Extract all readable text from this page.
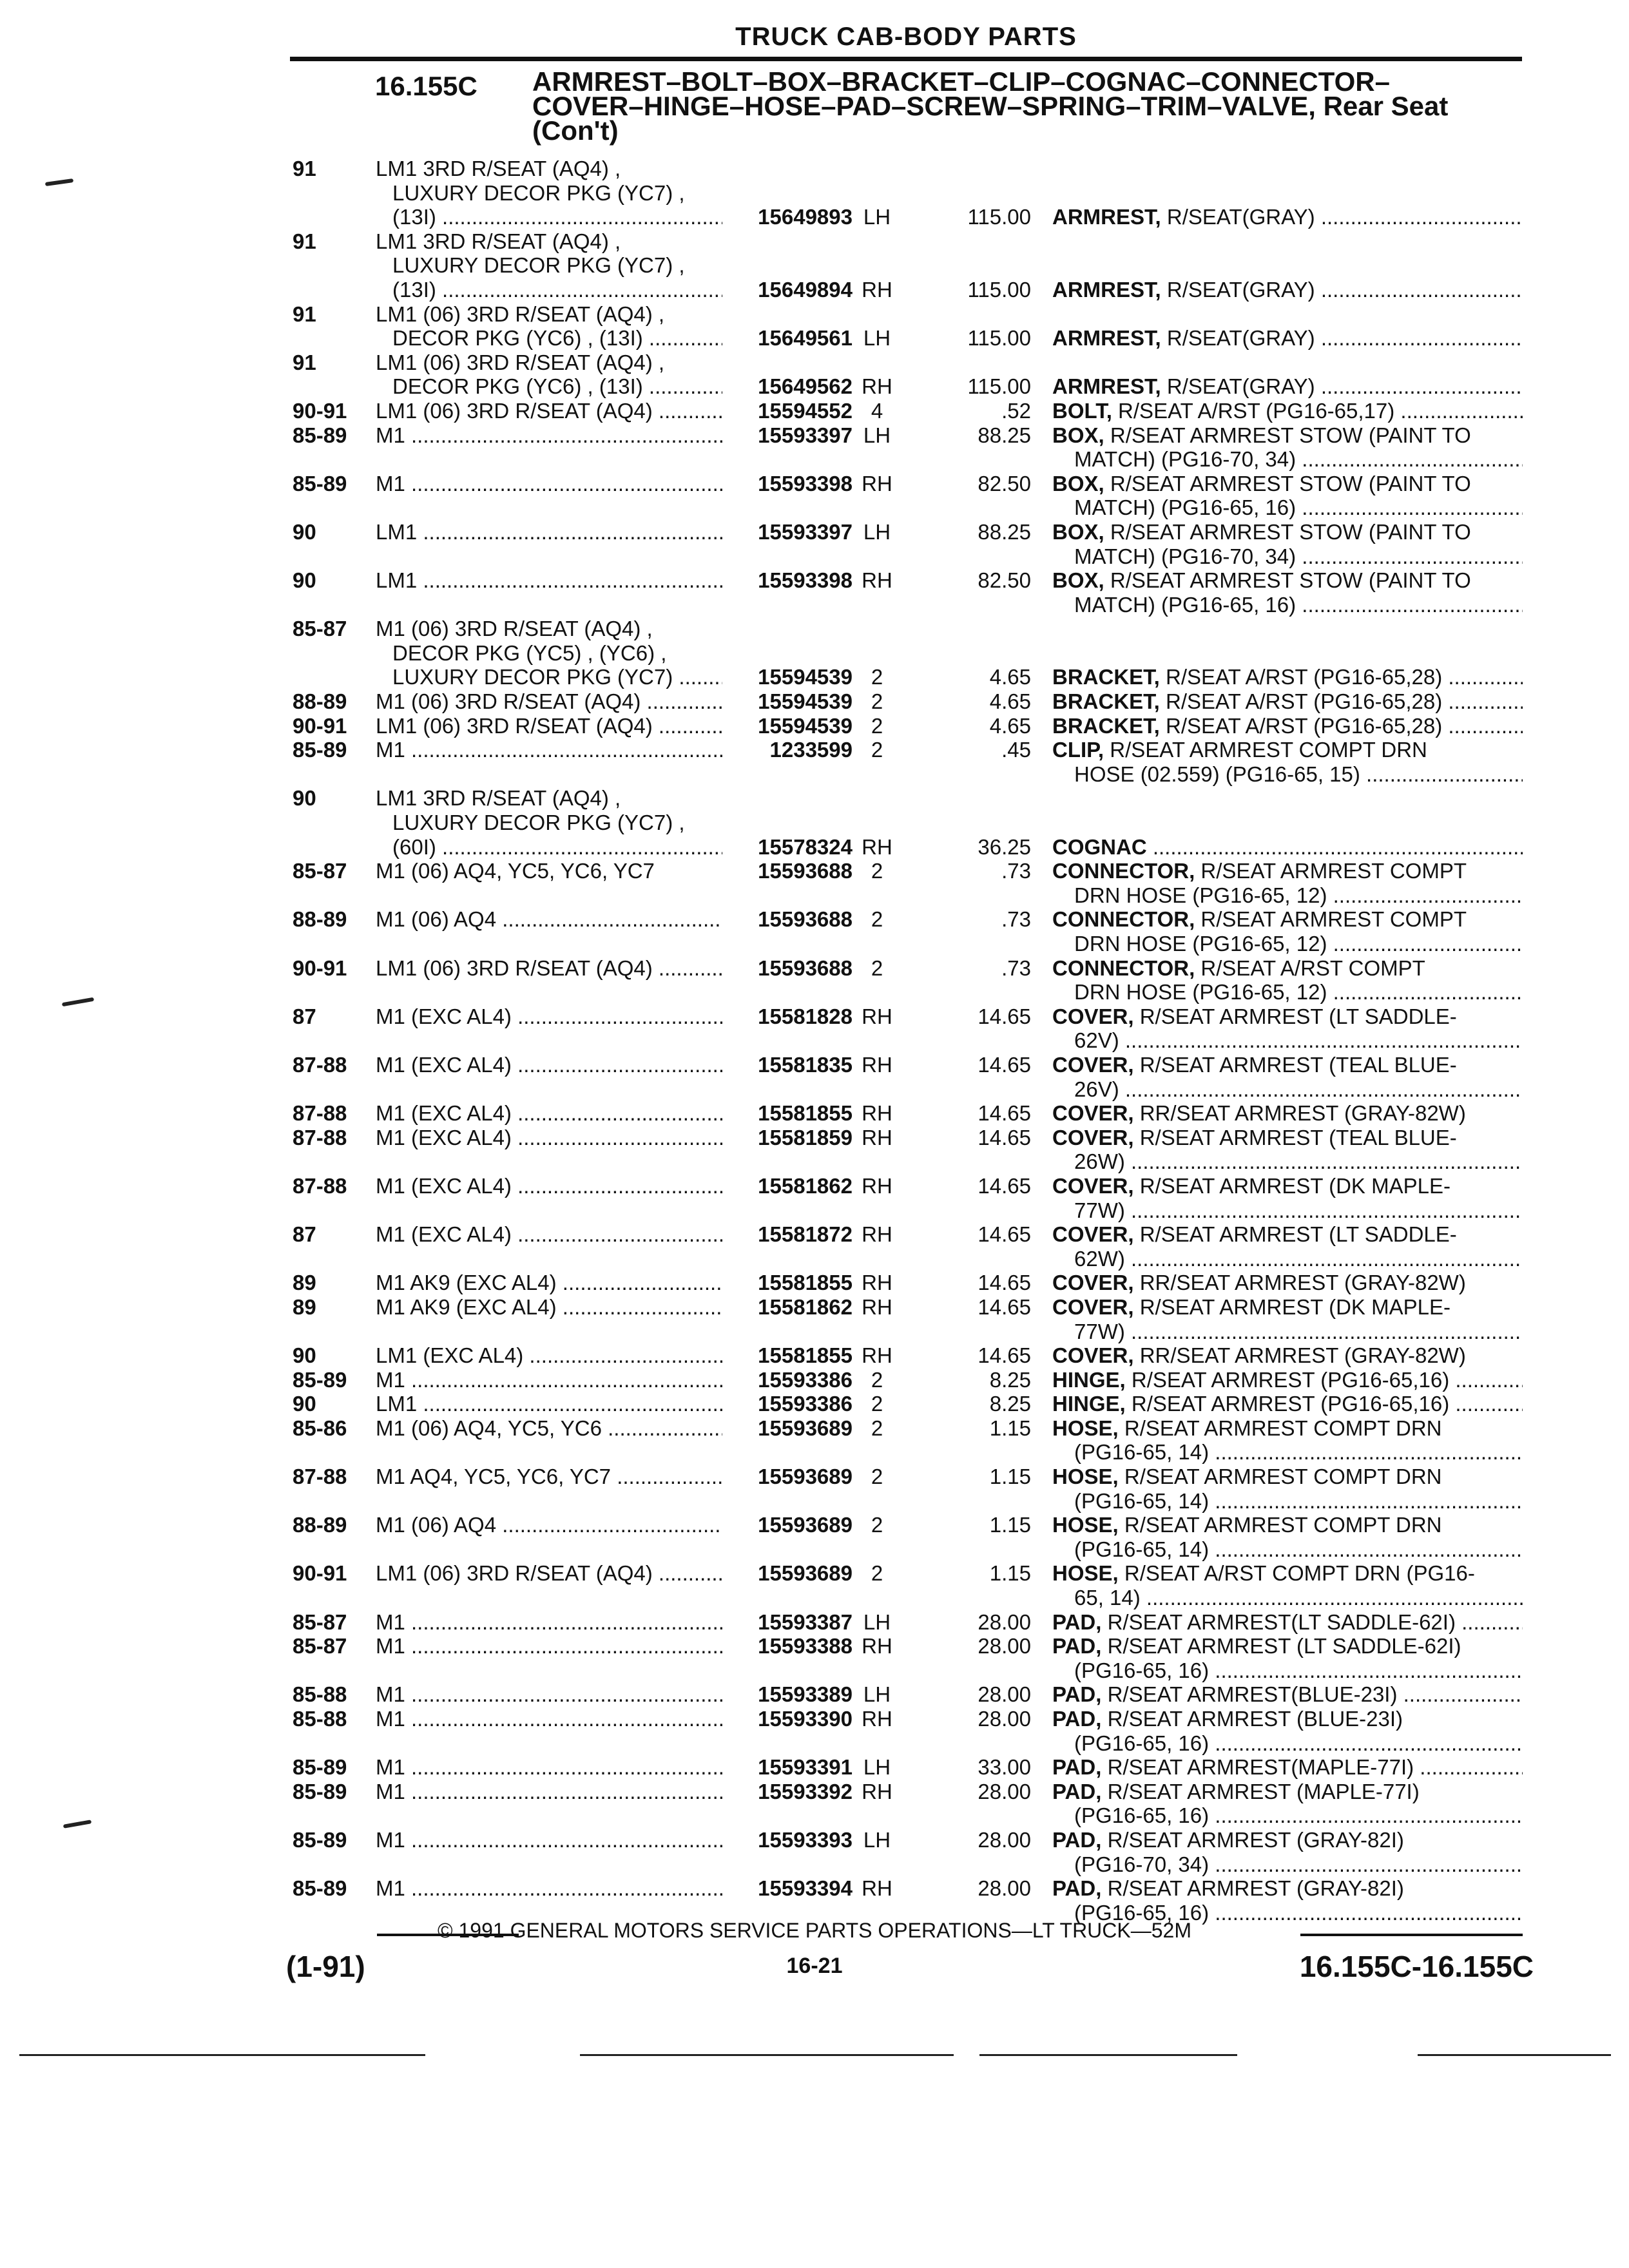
TRUCK CAB-BODY PARTS
16.155C ARMREST–BOLT–BOX–BRACKET–CLIP–COGNAC–CONNECTOR–
COVER–HINGE–HOSE–PAD–SCREW–SPRING–TRIM–VALVE, Rear Seat
(Con't)
91	LM1 3RD R/SEAT (AQ4) ,
LUXURY DECOR PKG (YC7) ,
(13I) .....	15649893 LH	115.00 ARMREST, R/SEAT(GRAY) .....
91	LM1 3RD R/SEAT (AQ4) ,
LUXURY DECOR PKG (YC7) ,
(13I) .....	15649894 RH	115.00 ARMREST, R/SEAT(GRAY) .....
91	LM1 (06) 3RD R/SEAT (AQ4) ,
DECOR PKG (YC6) , (13I) .....	15649561 LH	115.00 ARMREST, R/SEAT(GRAY) .....
91	LM1 (06) 3RD R/SEAT (AQ4) ,
DECOR PKG (YC6) , (13I) .....	15649562 RH	115.00 ARMREST, R/SEAT(GRAY) .....
90-91 LM1 (06) 3RD R/SEAT (AQ4) .....	15594552 4	.52 BOLT, R/SEAT A/RST (PG16-65,17) .....
85-89 M1 .....	15593397 LH	88.25 BOX, R/SEAT ARMREST STOW (PAINT TO
MATCH) (PG16-70, 34) .....
85-89 M1 .....	15593398 RH	82.50 BOX, R/SEAT ARMREST STOW (PAINT TO
MATCH) (PG16-65, 16) .....
90	LM1 .....	15593397 LH	88.25 BOX, R/SEAT ARMREST STOW (PAINT TO
MATCH) (PG16-70, 34) .....
90	LM1 .....	15593398 RH	82.50 BOX, R/SEAT ARMREST STOW (PAINT TO
MATCH) (PG16-65, 16) .....
85-87 M1 (06) 3RD R/SEAT (AQ4) ,
DECOR PKG (YC5) , (YC6) ,
LUXURY DECOR PKG (YC7) .....	15594539 2	4.65 BRACKET, R/SEAT A/RST (PG16-65,28) .....
88-89 M1 (06) 3RD R/SEAT (AQ4) .....	15594539 2	4.65 BRACKET, R/SEAT A/RST (PG16-65,28) .....
90-91 LM1 (06) 3RD R/SEAT (AQ4) .....	15594539 2	4.65 BRACKET, R/SEAT A/RST (PG16-65,28) .....
85-89 M1 .....	1233599 2	.45 CLIP, R/SEAT ARMREST COMPT DRN
HOSE (02.559) (PG16-65, 15) .....
90	LM1 3RD R/SEAT (AQ4) ,
LUXURY DECOR PKG (YC7) ,
(60I) .....	15578324 RH	36.25 COGNAC .....
85-87 M1 (06) AQ4, YC5, YC6, YC7	15593688 2	.73 CONNECTOR, R/SEAT ARMREST COMPT
DRN HOSE (PG16-65, 12) .....
88-89 M1 (06) AQ4 .....	15593688 2	.73 CONNECTOR, R/SEAT ARMREST COMPT
DRN HOSE (PG16-65, 12) .....
90-91 LM1 (06) 3RD R/SEAT (AQ4) .....	15593688 2	.73 CONNECTOR, R/SEAT A/RST COMPT
DRN HOSE (PG16-65, 12) .....
87	M1 (EXC AL4) .....	15581828 RH	14.65 COVER, R/SEAT ARMREST (LT SADDLE-
62V) .....
87-88 M1 (EXC AL4) .....	15581835 RH	14.65 COVER, R/SEAT ARMREST (TEAL BLUE-
26V) .....
87-88 M1 (EXC AL4) .....	15581855 RH	14.65 COVER, RR/SEAT ARMREST (GRAY-82W)
87-88 M1 (EXC AL4) .....	15581859 RH	14.65 COVER, R/SEAT ARMREST (TEAL BLUE-
26W) .....
87-88 M1 (EXC AL4) .....	15581862 RH	14.65 COVER, R/SEAT ARMREST (DK MAPLE-
77W) .....
87	M1 (EXC AL4) .....	15581872 RH	14.65 COVER, R/SEAT ARMREST (LT SADDLE-
62W) .....
89	M1 AK9 (EXC AL4) .....	15581855 RH	14.65 COVER, RR/SEAT ARMREST (GRAY-82W)
89	M1 AK9 (EXC AL4) .....	15581862 RH	14.65 COVER, R/SEAT ARMREST (DK MAPLE-
77W) .....
90	LM1 (EXC AL4) .....	15581855 RH	14.65 COVER, RR/SEAT ARMREST (GRAY-82W)
85-89 M1 .....	15593386 2	8.25 HINGE, R/SEAT ARMREST (PG16-65,16) .....
90	LM1 .....	15593386 2	8.25 HINGE, R/SEAT ARMREST (PG16-65,16) .....
85-86 M1 (06) AQ4, YC5, YC6 .....	15593689 2	1.15 HOSE, R/SEAT ARMREST COMPT DRN
(PG16-65, 14) .....
87-88 M1 AQ4, YC5, YC6, YC7 .....	15593689 2	1.15 HOSE, R/SEAT ARMREST COMPT DRN
(PG16-65, 14) .....
88-89 M1 (06) AQ4 .....	15593689 2	1.15 HOSE, R/SEAT ARMREST COMPT DRN
(PG16-65, 14) .....
90-91 LM1 (06) 3RD R/SEAT (AQ4) .....	15593689 2	1.15 HOSE, R/SEAT A/RST COMPT DRN (PG16-
65, 14) .....
85-87 M1 .....	15593387 LH	28.00 PAD, R/SEAT ARMREST(LT SADDLE-62I) .....
85-87 M1 .....	15593388 RH	28.00 PAD, R/SEAT ARMREST (LT SADDLE-62I)
(PG16-65, 16) .....
85-88 M1 .....	15593389 LH	28.00 PAD, R/SEAT ARMREST(BLUE-23I) .....
85-88 M1 .....	15593390 RH	28.00 PAD, R/SEAT ARMREST (BLUE-23I)
(PG16-65, 16) .....
85-89 M1 .....	15593391 LH	33.00 PAD, R/SEAT ARMREST(MAPLE-77I) .....
85-89 M1 .....	15593392 RH	28.00 PAD, R/SEAT ARMREST (MAPLE-77I)
(PG16-65, 16) .....
85-89 M1 .....	15593393 LH	28.00 PAD, R/SEAT ARMREST (GRAY-82I)
(PG16-70, 34) .....
85-89 M1 .....	15593394 RH	28.00 PAD, R/SEAT ARMREST (GRAY-82I)
(PG16-65, 16) .....
© 1991 GENERAL MOTORS SERVICE PARTS OPERATIONS—LT TRUCK—52M
(1-91)	16-21	16.155C-16.155C
